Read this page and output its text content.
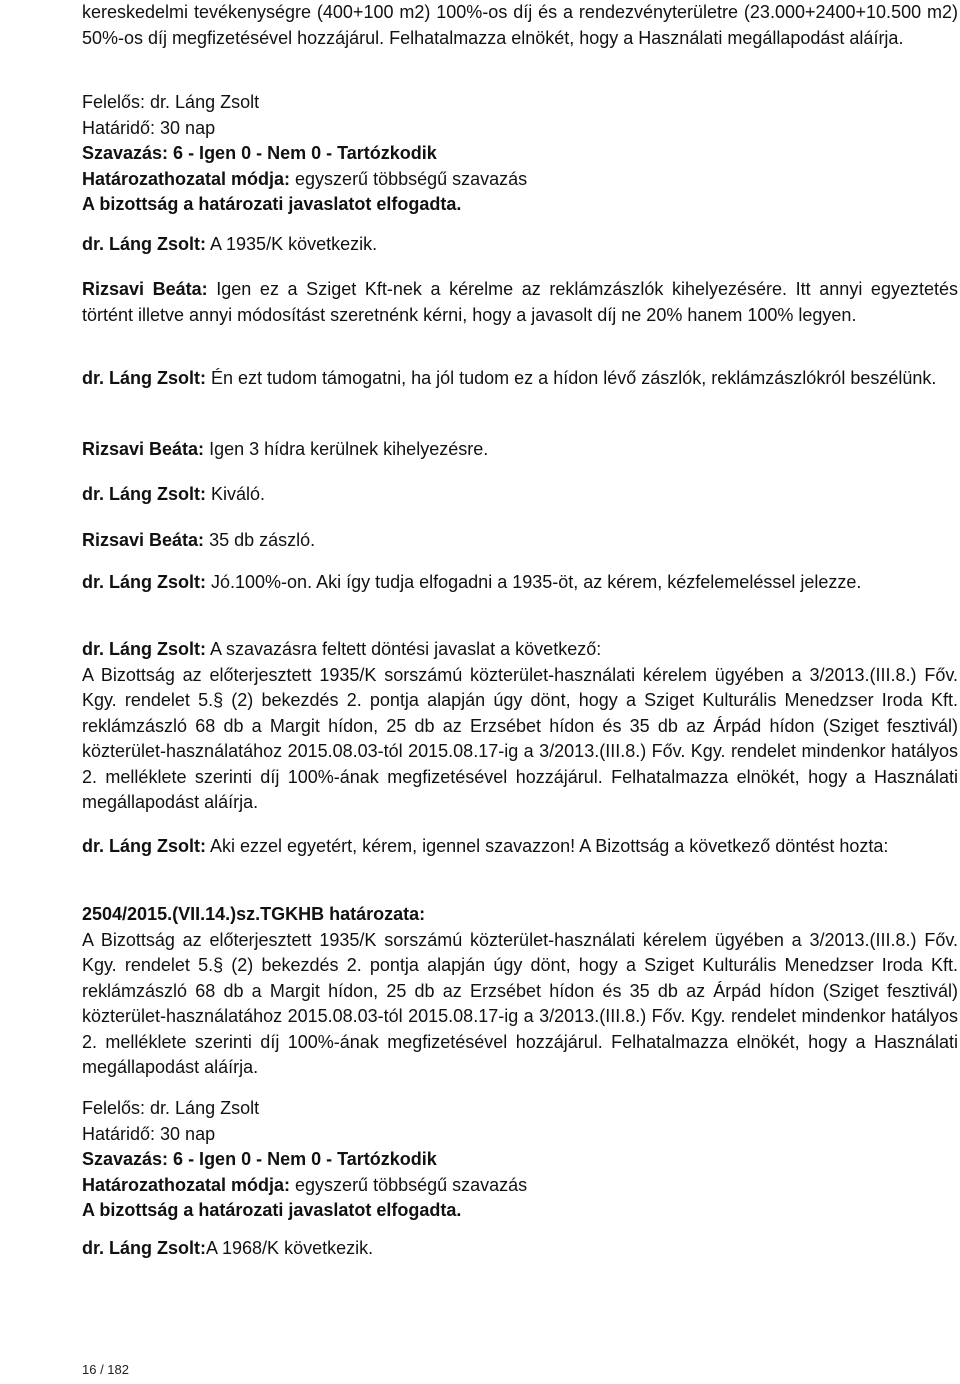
kereskedelmi tevékenységre (400+100 m2) 100%-os díj és a rendezvényterületre (23.000+2400+10.500 m2) 50%-os díj megfizetésével hozzájárul. Felhatalmazza elnökét, hogy a Használati megállapodást aláírja.
Felelős: dr. Láng Zsolt
Határidő: 30 nap
Szavazás: 6 - Igen 0 - Nem 0 - Tartózkodik
Határozathozatal módja: egyszerű többségű szavazás
A bizottság a határozati javaslatot elfogadta.
dr. Láng Zsolt: A 1935/K következik.
Rizsavi Beáta: Igen ez a Sziget Kft-nek a kérelme az reklámzászlók kihelyezésére. Itt annyi egyeztetés történt illetve annyi módosítást szeretnénk kérni, hogy a javasolt díj ne 20% hanem 100% legyen.
dr. Láng Zsolt: Én ezt tudom támogatni, ha jól tudom ez a hídon lévő zászlók, reklámzászlókról beszélünk.
Rizsavi Beáta: Igen 3 hídra kerülnek kihelyezésre.
dr. Láng Zsolt: Kiváló.
Rizsavi Beáta: 35 db zászló.
dr. Láng Zsolt: Jó.100%-on. Aki így tudja elfogadni a 1935-öt, az kérem, kézfelemeléssel jelezze.
dr. Láng Zsolt: A szavazásra feltett döntési javaslat a következő:
A Bizottság az előterjesztett 1935/K sorszámú közterület-használati kérelem ügyében a 3/2013.(III.8.) Főv. Kgy. rendelet 5.§ (2) bekezdés 2. pontja alapján úgy dönt, hogy a Sziget Kulturális Menedzser Iroda Kft. reklámzászló 68 db a Margit hídon, 25 db az Erzsébet hídon és 35 db az Árpád hídon (Sziget fesztivál) közterület-használatához 2015.08.03-tól 2015.08.17-ig a 3/2013.(III.8.) Főv. Kgy. rendelet mindenkor hatályos 2. melléklete szerinti díj 100%-ának megfizetésével hozzájárul. Felhatalmazza elnökét, hogy a Használati megállapodást aláírja.
dr. Láng Zsolt: Aki ezzel egyetért, kérem, igennel szavazzon! A Bizottság a következő döntést hozta:
2504/2015.(VII.14.)sz.TGKHB határozata:
A Bizottság az előterjesztett 1935/K sorszámú közterület-használati kérelem ügyében a 3/2013.(III.8.) Főv. Kgy. rendelet 5.§ (2) bekezdés 2. pontja alapján úgy dönt, hogy a Sziget Kulturális Menedzser Iroda Kft. reklámzászló 68 db a Margit hídon, 25 db az Erzsébet hídon és 35 db az Árpád hídon (Sziget fesztivál) közterület-használatához 2015.08.03-tól 2015.08.17-ig a 3/2013.(III.8.) Főv. Kgy. rendelet mindenkor hatályos 2. melléklete szerinti díj 100%-ának megfizetésével hozzájárul. Felhatalmazza elnökét, hogy a Használati megállapodást aláírja.
Felelős: dr. Láng Zsolt
Határidő: 30 nap
Szavazás: 6 - Igen 0 - Nem 0 - Tartózkodik
Határozathozatal módja: egyszerű többségű szavazás
A bizottság a határozati javaslatot elfogadta.
dr. Láng Zsolt:A 1968/K következik.
16 / 182
